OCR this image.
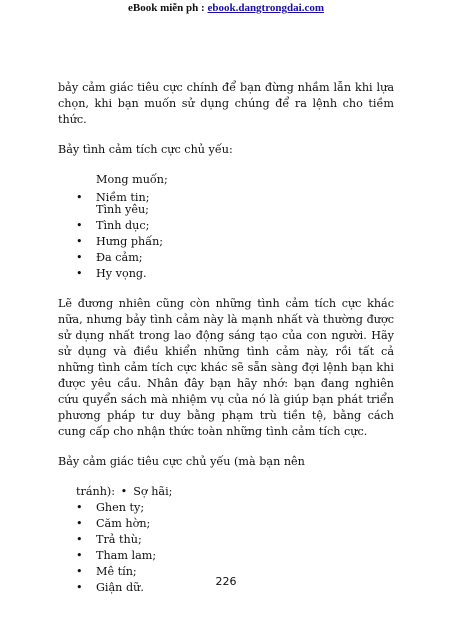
eBook miễn ph : ebook.dangtrongdai.com

bảy cảm giác tiêu cực chính để bạn đừng nhầm lẫn khi lựa chọn, khi bạn muốn sử dụng chúng để ra lệnh cho tiềm thức.

Bảy tình cảm tích cực chủ yếu:

Mong muốn;

• Niềm tin;
Tình yêu;
• Tình dục;
• Hưng phấn;
• Đa cảm;
• Hy vọng.

Lẽ đương nhiên cũng còn những tình cảm tích cực khác nữa, nhưng bảy tình cảm này là mạnh nhất và thường được sử dụng nhất trong lao động sáng tạo của con người. Hãy sử dụng và điều khiển những tình cảm này, rồi tất cả những tình cảm tích cực khác sẽ sẵn sàng đợi lệnh bạn khi được yêu cầu. Nhân đây bạn hãy nhớ: bạn đang nghiên cứu quyển sách mà nhiệm vụ của nó là giúp bạn phát triển phương pháp tư duy bằng phạm trù tiền tệ, bằng cách cung cấp cho nhận thức toàn những tình cảm tích cực.

Bảy cảm giác tiêu cực chủ yếu (mà bạn nên

tránh): • Sợ hãi;

• Ghen ty;
• Căm hờn;
• Trả thù;
• Tham lam;
• Mê tín;
• Giận dữ.	226
